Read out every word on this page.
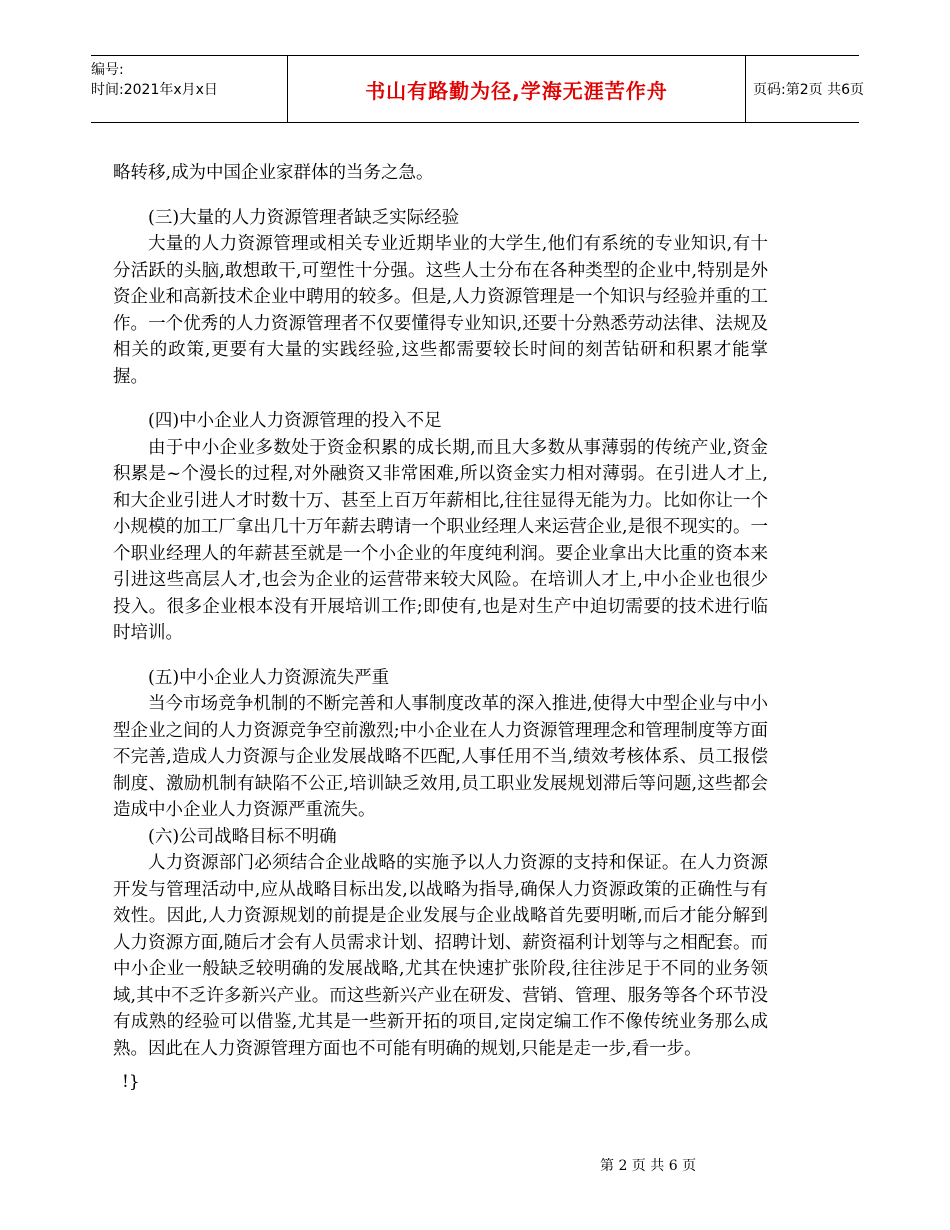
编号:
时间:2021年x月x日	书山有路勤为径,学海无涯苦作舟	页码:第2页 共6页

略转移,成为中国企业家群体的当务之急。

(三)大量的人力资源管理者缺乏实际经验

大量的人力资源管理或相关专业近期毕业的大学生,他们有系统的专业知识,有十分活跃的头脑,敢想敢干,可塑性十分强。这些人士分布在各种类型的企业中,特别是外资企业和高新技术企业中聘用的较多。但是,人力资源管理是一个知识与经验并重的工作。一个优秀的人力资源管理者不仅要懂得专业知识,还要十分熟悉劳动法律、法规及相关的政策,更要有大量的实践经验,这些都需要较长时间的刻苦钻研和积累才能掌握。

(四)中小企业人力资源管理的投入不足

由于中小企业多数处于资金积累的成长期,而且大多数从事薄弱的传统产业,资金积累是~个漫长的过程,对外融资又非常困难,所以资金实力相对薄弱。在引进人才上,和大企业引进人才时数十万、甚至上百万年薪相比,往往显得无能为力。比如你让一个小规模的加工厂拿出几十万年薪去聘请一个职业经理人来运营企业,是很不现实的。一个职业经理人的年薪甚至就是一个小企业的年度纯利润。要企业拿出大比重的资本来引进这些高层人才,也会为企业的运营带来较大风险。在培训人才上,中小企业也很少投入。很多企业根本没有开展培训工作;即使有,也是对生产中迫切需要的技术进行临时培训。

(五)中小企业人力资源流失严重

当今市场竞争机制的不断完善和人事制度改革的深入推进,使得大中型企业与中小型企业之间的人力资源竞争空前激烈;中小企业在人力资源管理理念和管理制度等方面不完善,造成人力资源与企业发展战略不匹配,人事任用不当,绩效考核体系、员工报偿制度、激励机制有缺陷不公正,培训缺乏效用,员工职业发展规划滞后等问题,这些都会造成中小企业人力资源严重流失。

(六)公司战略目标不明确

人力资源部门必须结合企业战略的实施予以人力资源的支持和保证。在人力资源开发与管理活动中,应从战略目标出发,以战略为指导,确保人力资源政策的正确性与有效性。因此,人力资源规划的前提是企业发展与企业战略首先要明晰,而后才能分解到人力资源方面,随后才会有人员需求计划、招聘计划、薪资福利计划等与之相配套。而中小企业一般缺乏较明确的发展战略,尤其在快速扩张阶段,往往涉足于不同的业务领域,其中不乏许多新兴产业。而这些新兴产业在研发、营销、管理、服务等各个环节没有成熟的经验可以借鉴,尤其是一些新开拓的项目,定岗定编工作不像传统业务那么成熟。因此在人力资源管理方面也不可能有明确的规划,只能是走一步,看一步。

!}
第 2 页 共 6 页
